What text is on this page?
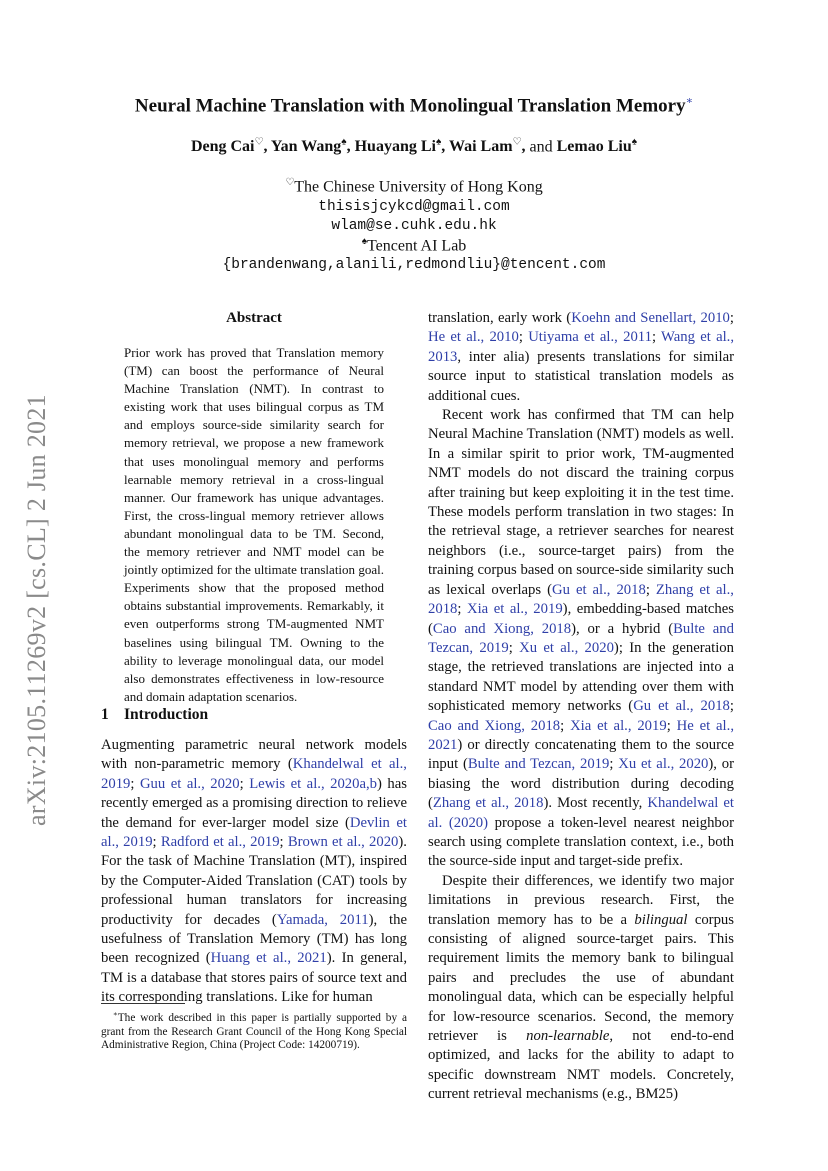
arXiv:2105.11269v2 [cs.CL] 2 Jun 2021
Neural Machine Translation with Monolingual Translation Memory∗
Deng Cai♡, Yan Wang♠, Huayang Li♠, Wai Lam♡, and Lemao Liu♠
♡The Chinese University of Hong Kong
thisisjcykcd@gmail.com
wlam@se.cuhk.edu.hk
♠Tencent AI Lab
{brandenwang,alanili,redmondliu}@tencent.com
Abstract
Prior work has proved that Translation memory (TM) can boost the performance of Neural Machine Translation (NMT). In contrast to existing work that uses bilingual corpus as TM and employs source-side similarity search for memory retrieval, we propose a new framework that uses monolingual memory and performs learnable memory retrieval in a cross-lingual manner. Our framework has unique advantages. First, the cross-lingual memory retriever allows abundant monolingual data to be TM. Second, the memory retriever and NMT model can be jointly optimized for the ultimate translation goal. Experiments show that the proposed method obtains substantial improvements. Remarkably, it even outperforms strong TM-augmented NMT baselines using bilingual TM. Owning to the ability to leverage monolingual data, our model also demonstrates effectiveness in low-resource and domain adaptation scenarios.
1 Introduction

Augmenting parametric neural network models with non-parametric memory (Khandelwal et al., 2019; Guu et al., 2020; Lewis et al., 2020a,b) has recently emerged as a promising direction to relieve the demand for ever-larger model size (Devlin et al., 2019; Radford et al., 2019; Brown et al., 2020). For the task of Machine Translation (MT), inspired by the Computer-Aided Translation (CAT) tools by professional human translators for increasing productivity for decades (Yamada, 2011), the usefulness of Translation Memory (TM) has long been recognized (Huang et al., 2021). In general, TM is a database that stores pairs of source text and its corresponding translations. Like for human

∗The work described in this paper is partially supported by a grant from the Research Grant Council of the Hong Kong Special Administrative Region, China (Project Code: 14200719).

translation, early work (Koehn and Senellart, 2010; He et al., 2010; Utiyama et al., 2011; Wang et al., 2013, inter alia) presents translations for similar source input to statistical translation models as additional cues.

Recent work has confirmed that TM can help Neural Machine Translation (NMT) models as well. In a similar spirit to prior work, TM-augmented NMT models do not discard the training corpus after training but keep exploiting it in the test time. These models perform translation in two stages: In the retrieval stage, a retriever searches for nearest neighbors (i.e., source-target pairs) from the training corpus based on source-side similarity such as lexical overlaps (Gu et al., 2018; Zhang et al., 2018; Xia et al., 2019), embedding-based matches (Cao and Xiong, 2018), or a hybrid (Bulte and Tezcan, 2019; Xu et al., 2020); In the generation stage, the retrieved translations are injected into a standard NMT model by attending over them with sophisticated memory networks (Gu et al., 2018; Cao and Xiong, 2018; Xia et al., 2019; He et al., 2021) or directly concatenating them to the source input (Bulte and Tezcan, 2019; Xu et al., 2020), or biasing the word distribution during decoding (Zhang et al., 2018). Most recently, Khandelwal et al. (2020) propose a token-level nearest neighbor search using complete translation context, i.e., both the source-side input and target-side prefix.

Despite their differences, we identify two major limitations in previous research. First, the translation memory has to be a bilingual corpus consisting of aligned source-target pairs. This requirement limits the memory bank to bilingual pairs and precludes the use of abundant monolingual data, which can be especially helpful for low-resource scenarios. Second, the memory retriever is non-learnable, not end-to-end optimized, and lacks for the ability to adapt to specific downstream NMT models. Concretely, current retrieval mechanisms (e.g., BM25)
